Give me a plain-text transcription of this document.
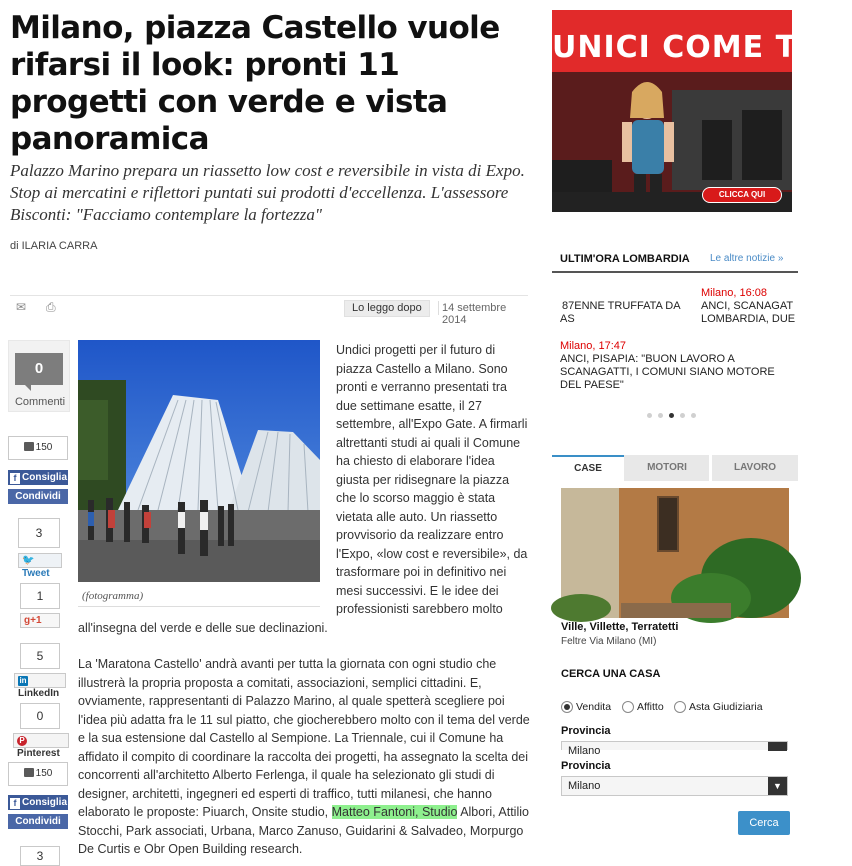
Milano, piazza Castello vuole rifarsi il look: pronti 11 progetti con verde e vista panoramica

Palazzo Marino prepara un riassetto low cost e reversibile in vista di Expo. Stop ai mercatini e riflettori puntati sui prodotti d'eccellenza. L'assessore Bisconti: "Facciamo contemplare la fortezza"

di ILARIA CARRA
✉ ⎙	Lo leggo dopo	14 settembre 2014
0
Commenti
150
f Consiglia
Condividi
3
🐦Tweet
1
g+1
5
inLinkedIn
0
PPinterest
150
f Consiglia
Condividi
3
(fotogramma)

Undici progetti per il futuro di piazza Castello a Milano. Sono pronti e verranno presentati tra due settimane esatte, il 27 settembre, all'Expo Gate. A firmarli altrettanti studi ai quali il Comune ha chiesto di elaborare l'idea giusta per ridisegnare la piazza che lo scorso maggio è stata vietata alle auto. Un riassetto provvisorio da realizzare entro l'Expo, «low cost e reversibile», da trasformare poi in definitivo nei mesi successivi. E le idee dei professionisti sarebbero molto

all'insegna del verde e delle sue declinazioni.

La 'Maratona Castello' andrà avanti per tutta la giornata con ogni studio che illustrerà la propria proposta a comitati, associazioni, semplici cittadini. E, ovviamente, rappresentanti di Palazzo Marino, al quale spetterà scegliere poi l'idea più adatta fra le 11 sul piatto, che giocherebbero molto con il tema del verde e la sua estensione dal Castello al Sempione. La Triennale, cui il Comune ha affidato il compito di coordinare la raccolta dei progetti, ha assegnato la scelta dei concorrenti all'architetto Alberto Ferlenga, il quale ha selezionato gli studi di designer, architetti, ingegneri ed esperti di traffico, tutti milanesi, che hanno elaborato le proposte: Piuarch, Onsite studio, Matteo Fantoni, Studio Albori, Attilio Stocchi, Park associati, Urbana, Marco Zanuso, Guidarini & Salvadeo, Morpurgo De Curtis e Obr Open Building research.

UNICI COME TE
CLICCA QUI
ULTIM'ORA LOMBARDIA Le altre notizie »
87ENNE TRUFFATA DA
AS
Milano, 16:08
ANCI, SCANAGAT
LOMBARDIA, DUE
Milano, 17:47
ANCI, PISAPIA: "BUON LAVORO A SCANAGATTI, I COMUNI SIANO MOTORE DEL PAESE"
CASE	MOTORI	LAVORO
Ville, Villette, Terratetti
Feltre Via Milano (MI)
CERCA UNA CASA
Vendita	Affitto	Asta Giudiziaria
Provincia
Milano
Provincia
Milano	▼
Cerca
